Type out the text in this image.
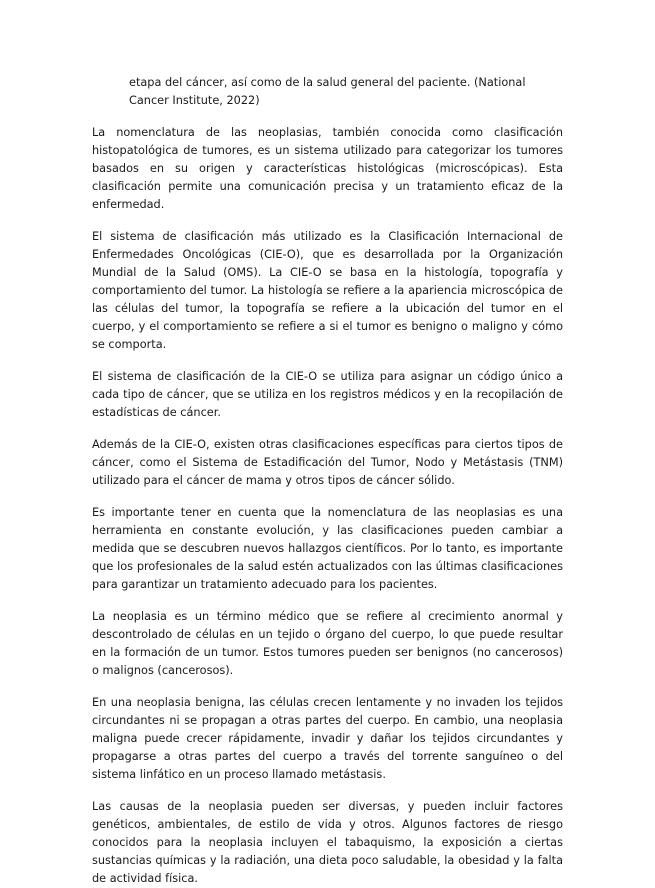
etapa del cáncer, así como de la salud general del paciente. (National Cancer Institute, 2022)

La nomenclatura de las neoplasias, también conocida como clasificación histopatológica de tumores, es un sistema utilizado para categorizar los tumores basados en su origen y características histológicas (microscópicas). Esta clasificación permite una comunicación precisa y un tratamiento eficaz de la enfermedad.

El sistema de clasificación más utilizado es la Clasificación Internacional de Enfermedades Oncológicas (CIE-O), que es desarrollada por la Organización Mundial de la Salud (OMS). La CIE-O se basa en la histología, topografía y comportamiento del tumor. La histología se refiere a la apariencia microscópica de las células del tumor, la topografía se refiere a la ubicación del tumor en el cuerpo, y el comportamiento se refiere a si el tumor es benigno o maligno y cómo se comporta.

El sistema de clasificación de la CIE-O se utiliza para asignar un código único a cada tipo de cáncer, que se utiliza en los registros médicos y en la recopilación de estadísticas de cáncer.

Además de la CIE-O, existen otras clasificaciones específicas para ciertos tipos de cáncer, como el Sistema de Estadificación del Tumor, Nodo y Metástasis (TNM) utilizado para el cáncer de mama y otros tipos de cáncer sólido.

Es importante tener en cuenta que la nomenclatura de las neoplasias es una herramienta en constante evolución, y las clasificaciones pueden cambiar a medida que se descubren nuevos hallazgos científicos. Por lo tanto, es importante que los profesionales de la salud estén actualizados con las últimas clasificaciones para garantizar un tratamiento adecuado para los pacientes.

La neoplasia es un término médico que se refiere al crecimiento anormal y descontrolado de células en un tejido o órgano del cuerpo, lo que puede resultar en la formación de un tumor. Estos tumores pueden ser benignos (no cancerosos) o malignos (cancerosos).

En una neoplasia benigna, las células crecen lentamente y no invaden los tejidos circundantes ni se propagan a otras partes del cuerpo. En cambio, una neoplasia maligna puede crecer rápidamente, invadir y dañar los tejidos circundantes y propagarse a otras partes del cuerpo a través del torrente sanguíneo o del sistema linfático en un proceso llamado metástasis.

Las causas de la neoplasia pueden ser diversas, y pueden incluir factores genéticos, ambientales, de estilo de vida y otros. Algunos factores de riesgo conocidos para la neoplasia incluyen el tabaquismo, la exposición a ciertas sustancias químicas y la radiación, una dieta poco saludable, la obesidad y la falta de actividad física.
